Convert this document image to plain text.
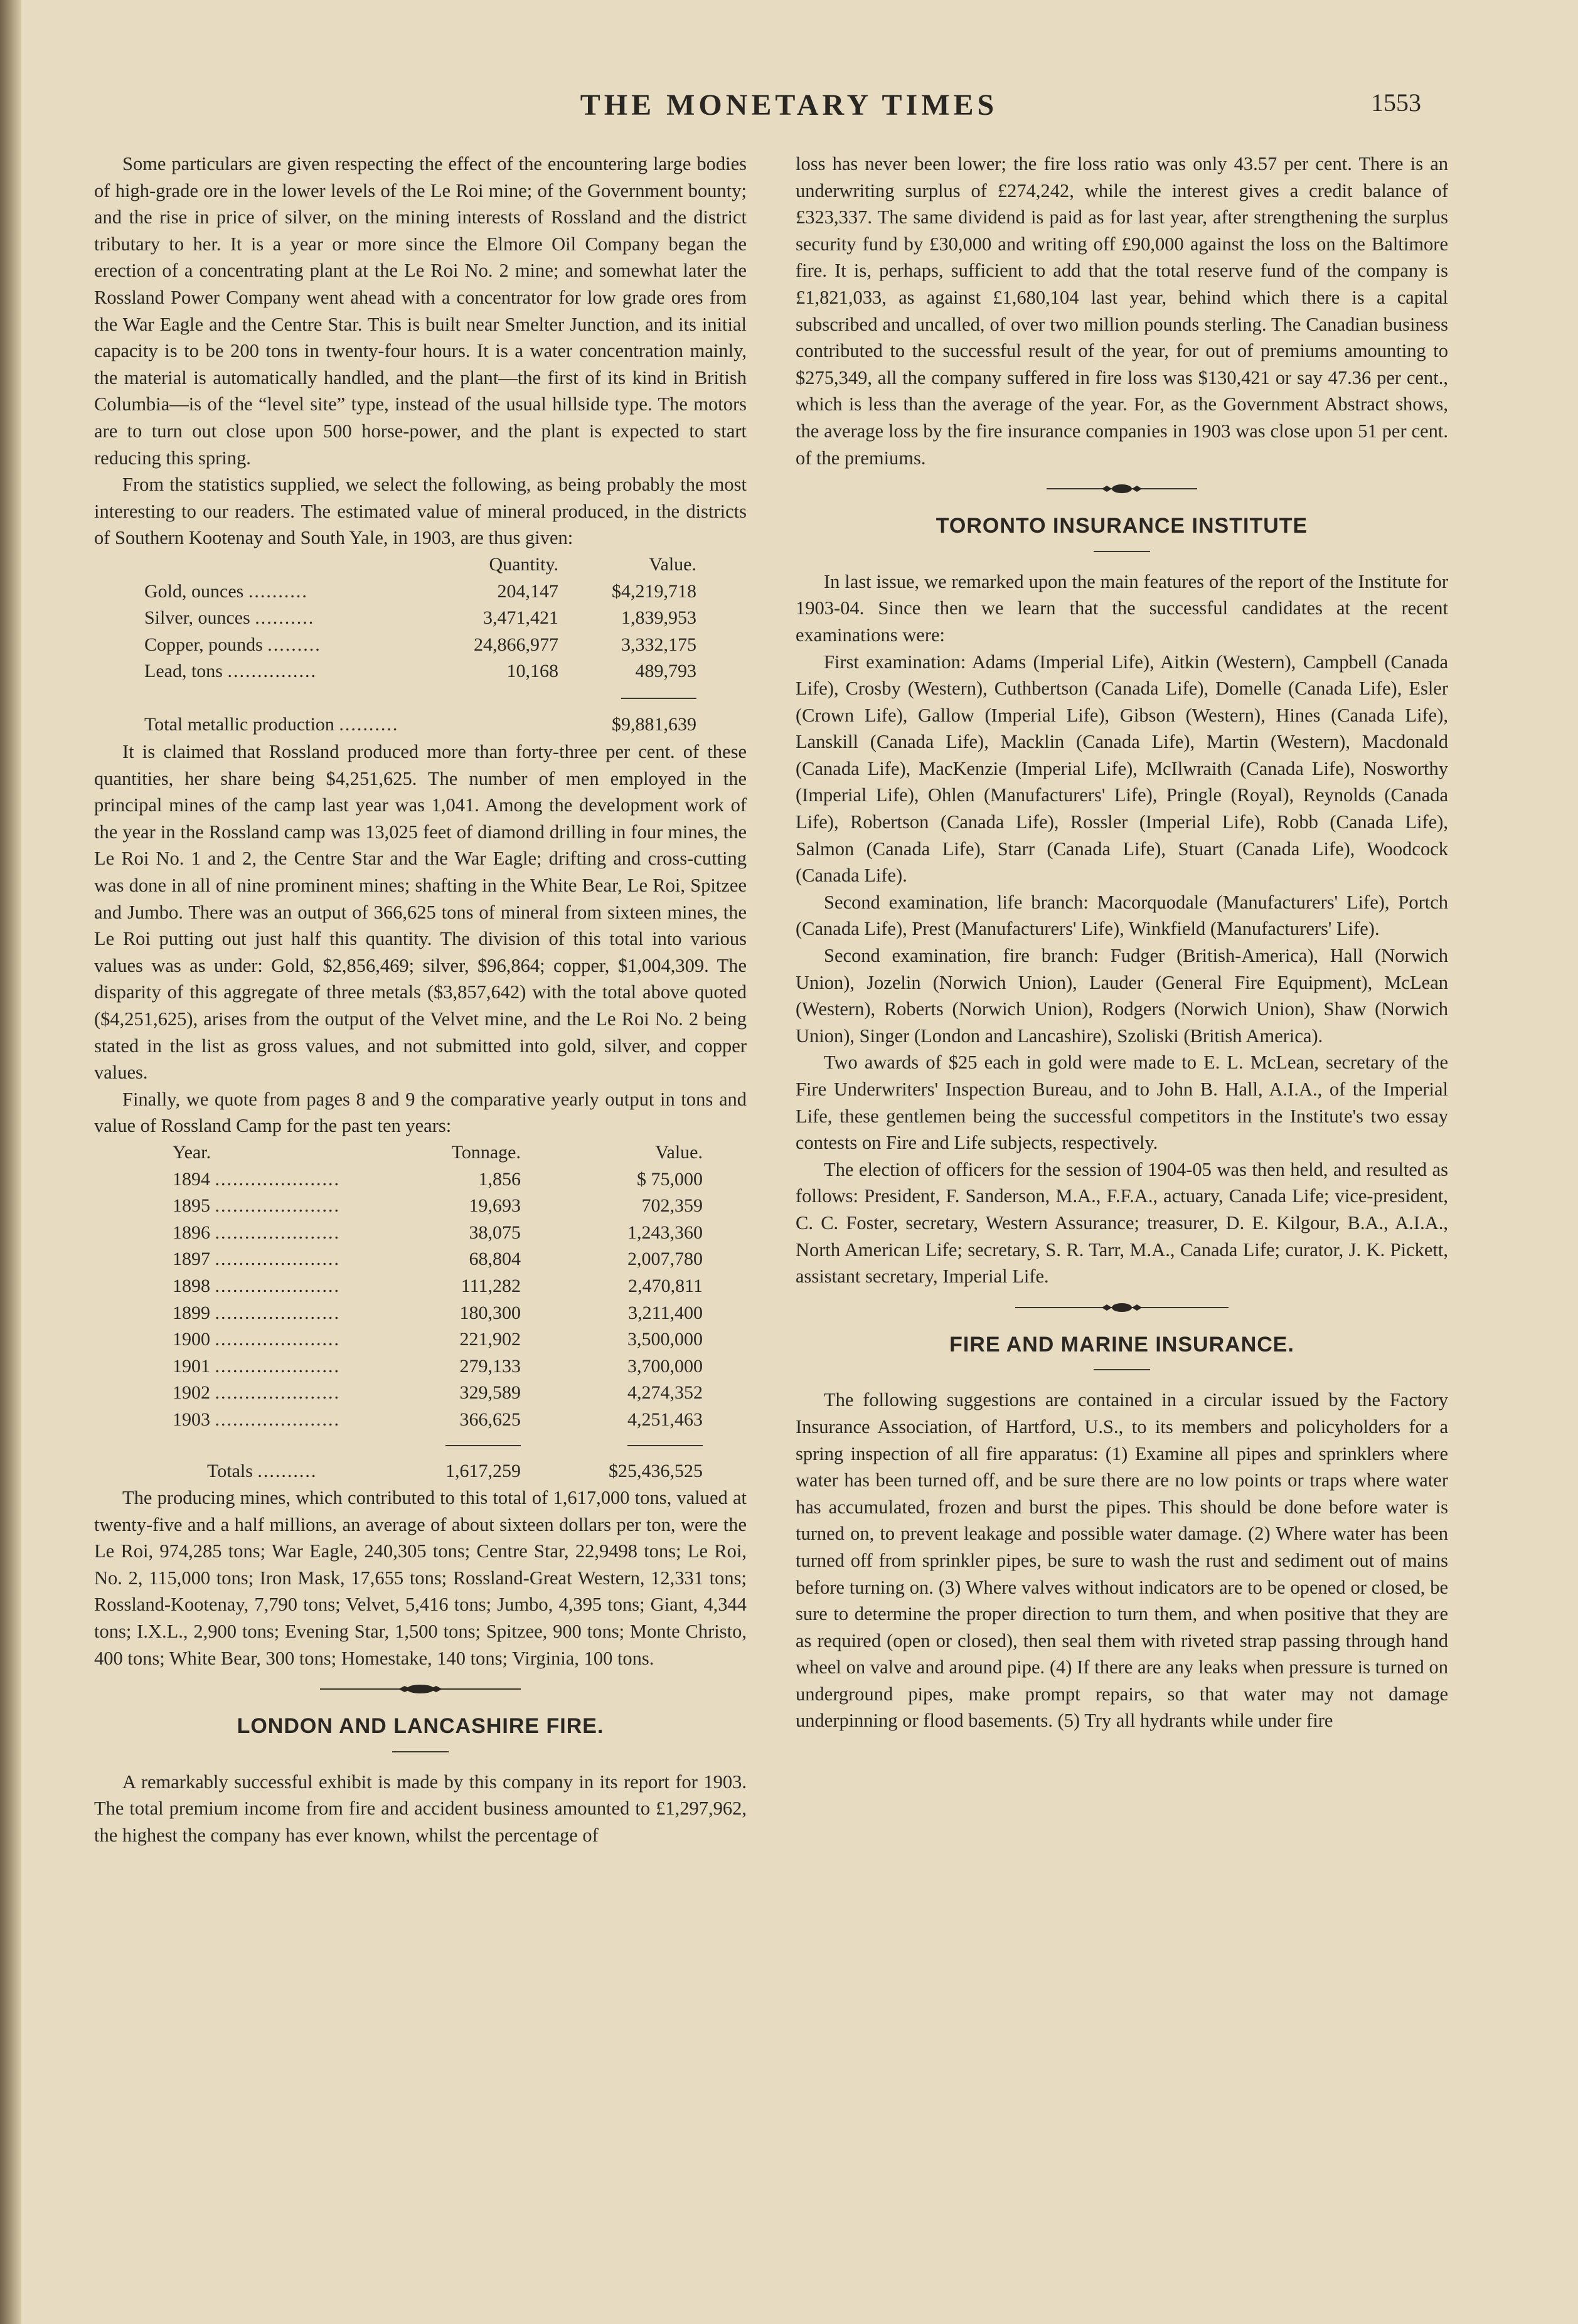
THE MONETARY TIMES	1553

Some particulars are given respecting the effect of the encountering large bodies of high-grade ore in the lower levels of the Le Roi mine; of the Government bounty; and the rise in price of silver, on the mining interests of Rossland and the district tributary to her. It is a year or more since the Elmore Oil Company began the erection of a concentrating plant at the Le Roi No. 2 mine; and somewhat later the Rossland Power Company went ahead with a concentrator for low grade ores from the War Eagle and the Centre Star. This is built near Smelter Junction, and its initial capacity is to be 200 tons in twenty-four hours. It is a water concentration mainly, the material is automatically handled, and the plant—the first of its kind in British Columbia—is of the “level site” type, instead of the usual hillside type. The motors are to turn out close upon 500 horse-power, and the plant is expected to start reducing this spring.

From the statistics supplied, we select the following, as being probably the most interesting to our readers. The estimated value of mineral produced, in the districts of Southern Kootenay and South Yale, in 1903, are thus given:

	Quantity.	Value.
Gold, ounces ..........	204,147	$4,219,718
Silver, ounces ..........	3,471,421	1,839,953
Copper, pounds .........	24,866,977	3,332,175
Lead, tons ...............	10,168	489,793

Total metallic production ..........		$9,881,639

It is claimed that Rossland produced more than forty-three per cent. of these quantities, her share being $4,251,625. The number of men employed in the principal mines of the camp last year was 1,041. Among the development work of the year in the Rossland camp was 13,025 feet of diamond drilling in four mines, the Le Roi No. 1 and 2, the Centre Star and the War Eagle; drifting and cross-cutting was done in all of nine prominent mines; shafting in the White Bear, Le Roi, Spitzee and Jumbo. There was an output of 366,625 tons of mineral from sixteen mines, the Le Roi putting out just half this quantity. The division of this total into various values was as under: Gold, $2,856,469; silver, $96,864; copper, $1,004,309. The disparity of this aggregate of three metals ($3,857,642) with the total above quoted ($4,251,625), arises from the output of the Velvet mine, and the Le Roi No. 2 being stated in the list as gross values, and not submitted into gold, silver, and copper values.

Finally, we quote from pages 8 and 9 the comparative yearly output in tons and value of Rossland Camp for the past ten years:

Year.	Tonnage.	Value.
1894 .....................	1,856	$ 75,000
1895 .....................	19,693	702,359
1896 .....................	38,075	1,243,360
1897 .....................	68,804	2,007,780
1898 .....................	111,282	2,470,811
1899 .....................	180,300	3,211,400
1900 .....................	221,902	3,500,000
1901 .....................	279,133	3,700,000
1902 .....................	329,589	4,274,352
1903 .....................	366,625	4,251,463

Totals ..........	1,617,259	$25,436,525

The producing mines, which contributed to this total of 1,617,000 tons, valued at twenty-five and a half millions, an average of about sixteen dollars per ton, were the Le Roi, 974,285 tons; War Eagle, 240,305 tons; Centre Star, 22,9498 tons; Le Roi, No. 2, 115,000 tons; Iron Mask, 17,655 tons; Rossland-Great Western, 12,331 tons; Rossland-Kootenay, 7,790 tons; Velvet, 5,416 tons; Jumbo, 4,395 tons; Giant, 4,344 tons; I.X.L., 2,900 tons; Evening Star, 1,500 tons; Spitzee, 900 tons; Monte Christo, 400 tons; White Bear, 300 tons; Homestake, 140 tons; Virginia, 100 tons.

LONDON AND LANCASHIRE FIRE.

A remarkably successful exhibit is made by this company in its report for 1903. The total premium income from fire and accident business amounted to £1,297,962, the highest the company has ever known, whilst the percentage of

loss has never been lower; the fire loss ratio was only 43.57 per cent. There is an underwriting surplus of £274,242, while the interest gives a credit balance of £323,337. The same dividend is paid as for last year, after strengthening the surplus security fund by £30,000 and writing off £90,000 against the loss on the Baltimore fire. It is, perhaps, sufficient to add that the total reserve fund of the company is £1,821,033, as against £1,680,104 last year, behind which there is a capital subscribed and uncalled, of over two million pounds sterling. The Canadian business contributed to the successful result of the year, for out of premiums amounting to $275,349, all the company suffered in fire loss was $130,421 or say 47.36 per cent., which is less than the average of the year. For, as the Government Abstract shows, the average loss by the fire insurance companies in 1903 was close upon 51 per cent. of the premiums.

TORONTO INSURANCE INSTITUTE

In last issue, we remarked upon the main features of the report of the Institute for 1903-04. Since then we learn that the successful candidates at the recent examinations were:

First examination: Adams (Imperial Life), Aitkin (Western), Campbell (Canada Life), Crosby (Western), Cuthbertson (Canada Life), Domelle (Canada Life), Esler (Crown Life), Gallow (Imperial Life), Gibson (Western), Hines (Canada Life), Lanskill (Canada Life), Macklin (Canada Life), Martin (Western), Macdonald (Canada Life), MacKenzie (Imperial Life), McIlwraith (Canada Life), Nosworthy (Imperial Life), Ohlen (Manufacturers' Life), Pringle (Royal), Reynolds (Canada Life), Robertson (Canada Life), Rossler (Imperial Life), Robb (Canada Life), Salmon (Canada Life), Starr (Canada Life), Stuart (Canada Life), Woodcock (Canada Life).

Second examination, life branch: Macorquodale (Manufacturers' Life), Portch (Canada Life), Prest (Manufacturers' Life), Winkfield (Manufacturers' Life).

Second examination, fire branch: Fudger (British-America), Hall (Norwich Union), Jozelin (Norwich Union), Lauder (General Fire Equipment), McLean (Western), Roberts (Norwich Union), Rodgers (Norwich Union), Shaw (Norwich Union), Singer (London and Lancashire), Szoliski (British America).

Two awards of $25 each in gold were made to E. L. McLean, secretary of the Fire Underwriters' Inspection Bureau, and to John B. Hall, A.I.A., of the Imperial Life, these gentlemen being the successful competitors in the Institute's two essay contests on Fire and Life subjects, respectively.

The election of officers for the session of 1904-05 was then held, and resulted as follows: President, F. Sanderson, M.A., F.F.A., actuary, Canada Life; vice-president, C. C. Foster, secretary, Western Assurance; treasurer, D. E. Kilgour, B.A., A.I.A., North American Life; secretary, S. R. Tarr, M.A., Canada Life; curator, J. K. Pickett, assistant secretary, Imperial Life.

FIRE AND MARINE INSURANCE.

The following suggestions are contained in a circular issued by the Factory Insurance Association, of Hartford, U.S., to its members and policyholders for a spring inspection of all fire apparatus: (1) Examine all pipes and sprinklers where water has been turned off, and be sure there are no low points or traps where water has accumulated, frozen and burst the pipes. This should be done before water is turned on, to prevent leakage and possible water damage. (2) Where water has been turned off from sprinkler pipes, be sure to wash the rust and sediment out of mains before turning on. (3) Where valves without indicators are to be opened or closed, be sure to determine the proper direction to turn them, and when positive that they are as required (open or closed), then seal them with riveted strap passing through hand wheel on valve and around pipe. (4) If there are any leaks when pressure is turned on underground pipes, make prompt repairs, so that water may not damage underpinning or flood basements. (5) Try all hydrants while under fire
